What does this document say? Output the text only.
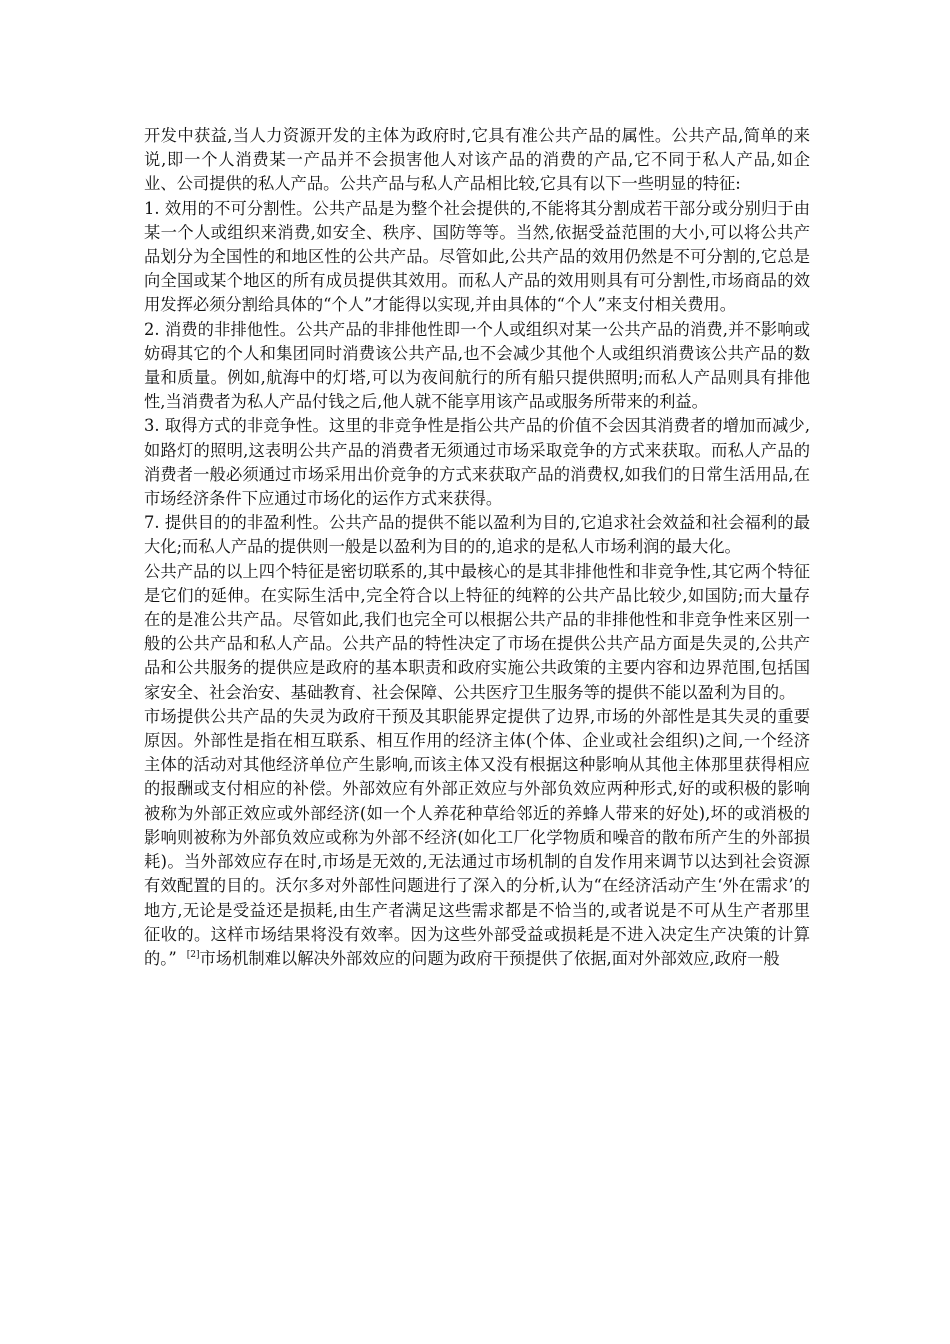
开发中获益,当人力资源开发的主体为政府时,它具有准公共产品的属性。公共产品,简单的来说,即一个人消费某一产品并不会损害他人对该产品的消费的产品,它不同于私人产品,如企业、公司提供的私人产品。公共产品与私人产品相比较,它具有以下一些明显的特征:

1. 效用的不可分割性。公共产品是为整个社会提供的,不能将其分割成若干部分或分别归于由某一个人或组织来消费,如安全、秩序、国防等等。当然,依据受益范围的大小,可以将公共产品划分为全国性的和地区性的公共产品。尽管如此,公共产品的效用仍然是不可分割的,它总是向全国或某个地区的所有成员提供其效用。而私人产品的效用则具有可分割性,市场商品的效用发挥必须分割给具体的“个人”才能得以实现,并由具体的“个人”来支付相关费用。

2. 消费的非排他性。公共产品的非排他性即一个人或组织对某一公共产品的消费,并不影响或妨碍其它的个人和集团同时消费该公共产品,也不会减少其他个人或组织消费该公共产品的数量和质量。例如,航海中的灯塔,可以为夜间航行的所有船只提供照明;而私人产品则具有排他性,当消费者为私人产品付钱之后,他人就不能享用该产品或服务所带来的利益。

3. 取得方式的非竞争性。这里的非竞争性是指公共产品的价值不会因其消费者的增加而减少,如路灯的照明,这表明公共产品的消费者无须通过市场采取竞争的方式来获取。而私人产品的消费者一般必须通过市场采用出价竞争的方式来获取产品的消费权,如我们的日常生活用品,在市场经济条件下应通过市场化的运作方式来获得。

7. 提供目的的非盈利性。公共产品的提供不能以盈利为目的,它追求社会效益和社会福利的最大化;而私人产品的提供则一般是以盈利为目的的,追求的是私人市场利润的最大化。

公共产品的以上四个特征是密切联系的,其中最核心的是其非排他性和非竞争性,其它两个特征是它们的延伸。在实际生活中,完全符合以上特征的纯粹的公共产品比较少,如国防;而大量存在的是准公共产品。尽管如此,我们也完全可以根据公共产品的非排他性和非竞争性来区别一般的公共产品和私人产品。公共产品的特性决定了市场在提供公共产品方面是失灵的,公共产品和公共服务的提供应是政府的基本职责和政府实施公共政策的主要内容和边界范围,包括国家安全、社会治安、基础教育、社会保障、公共医疗卫生服务等的提供不能以盈利为目的。

市场提供公共产品的失灵为政府干预及其职能界定提供了边界,市场的外部性是其失灵的重要原因。外部性是指在相互联系、相互作用的经济主体(个体、企业或社会组织)之间,一个经济主体的活动对其他经济单位产生影响,而该主体又没有根据这种影响从其他主体那里获得相应的报酬或支付相应的补偿。外部效应有外部正效应与外部负效应两种形式,好的或积极的影响被称为外部正效应或外部经济(如一个人养花种草给邻近的养蜂人带来的好处),坏的或消极的影响则被称为外部负效应或称为外部不经济(如化工厂化学物质和噪音的散布所产生的外部损耗)。当外部效应存在时,市场是无效的,无法通过市场机制的自发作用来调节以达到社会资源有效配置的目的。沃尔多对外部性问题进行了深入的分析,认为“在经济活动产生‘外在需求’的地方,无论是受益还是损耗,由生产者满足这些需求都是不恰当的,或者说是不可从生产者那里征收的。这样市场结果将没有效率。因为这些外部受益或损耗是不进入决定生产决策的计算的。” [2]市场机制难以解决外部效应的问题为政府干预提供了依据,面对外部效应,政府一般
